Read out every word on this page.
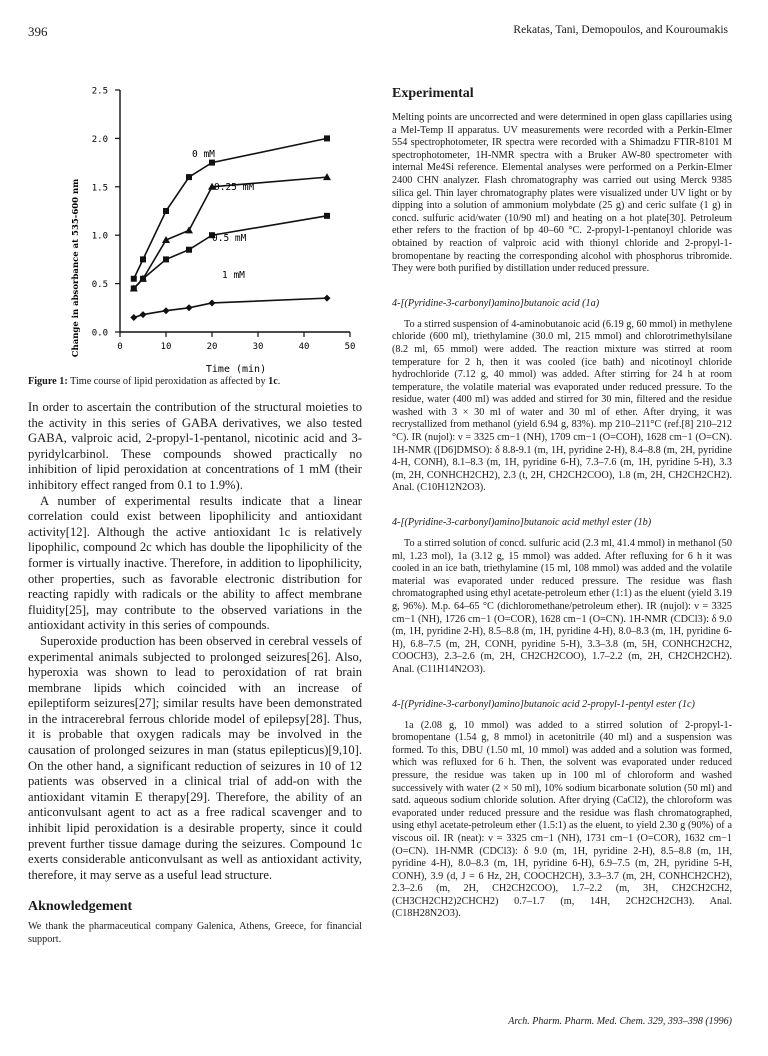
396	Rekatas, Tani, Demopoulos, and Kouroumakis
Change in absorbance at 535-600 nm
Time (min)
0.0
0.5
1.0
1.5
2.0
2.5
0	10	20	30	40	50
0 mM
0.25 mM
0.5 mM
1 mM
Figure 1: Time course of lipid peroxidation as affected by 1c.

In order to ascertain the contribution of the structural moieties to the activity in this series of GABA derivatives, we also tested GABA, valproic acid, 2-propyl-1-pentanol, nicotinic acid and 3-pyridylcarbinol. These compounds showed practically no inhibition of lipid peroxidation at concentrations of 1 mM (their inhibitory effect ranged from 0.1 to 1.9%).

A number of experimental results indicate that a linear correlation could exist between lipophilicity and antioxidant activity[12]. Although the active antioxidant 1c is relatively lipophilic, compound 2c which has double the lipophilicity of the former is virtually inactive. Therefore, in addition to lipophilicity, other properties, such as favorable electronic distribution for reacting rapidly with radicals or the ability to affect membrane fluidity[25], may contribute to the observed variations in the antioxidant activity in this series of compounds.

Superoxide production has been observed in cerebral vessels of experimental animals subjected to prolonged seizures[26]. Also, hyperoxia was shown to lead to peroxidation of rat brain membrane lipids which coincided with an increase of epileptiform seizures[27]; similar results have been demonstrated in the intracerebral ferrous chloride model of epilepsy[28]. Thus, it is probable that oxygen radicals may be involved in the causation of prolonged seizures in man (status epilepticus)[9,10]. On the other hand, a significant reduction of seizures in 10 of 12 patients was observed in a clinical trial of add-on with the antioxidant vitamin E therapy[29]. Therefore, the ability of an anticonvulsant agent to act as a free radical scavenger and to inhibit lipid peroxidation is a desirable property, since it could prevent further tissue damage during the seizures. Compound 1c exerts considerable anticonvulsant as well as antioxidant activity, therefore, it may serve as a useful lead structure.

Aknowledgement

We thank the pharmaceutical company Galenica, Athens, Greece, for financial support.

Experimental

Melting points are uncorrected and were determined in open glass capillaries using a Mel-Temp II apparatus. UV measurements were recorded with a Perkin-Elmer 554 spectrophotometer, IR spectra were recorded with a Shimadzu FTIR-8101 M spectrophotometer, 1H-NMR spectra with a Bruker AW-80 spectrometer with internal Me4Si reference. Elemental analyses were performed on a Perkin-Elmer 2400 CHN analyzer. Flash chromatography was carried out using Merck 9385 silica gel. Thin layer chromatography plates were visualized under UV light or by dipping into a solution of ammonium molybdate (25 g) and ceric sulfate (1 g) in concd. sulfuric acid/water (10/90 ml) and heating on a hot plate[30]. Petroleum ether refers to the fraction of bp 40–60 °C. 2-propyl-1-pentanoyl chloride was obtained by reaction of valproic acid with thionyl chloride and 2-propyl-1-bromopentane by reacting the corresponding alcohol with phosphorus tribromide. They were both purified by distillation under reduced pressure.

4-[(Pyridine-3-carbonyl)amino]butanoic acid (1a)

To a stirred suspension of 4-aminobutanoic acid (6.19 g, 60 mmol) in methylene chloride (600 ml), triethylamine (30.0 ml, 215 mmol) and chlorotrimethylsilane (8.2 ml, 65 mmol) were added. The reaction mixture was stirred at room temperature for 2 h, then it was cooled (ice bath) and nicotinoyl chloride hydrochloride (7.12 g, 40 mmol) was added. After stirring for 24 h at room temperature, the volatile material was evaporated under reduced pressure. To the residue, water (400 ml) was added and stirred for 30 min, filtered and the residue washed with 3 × 30 ml of water and 30 ml of ether. After drying, it was recrystallized from methanol (yield 6.94 g, 83%). mp 210–211°C (ref.[8] 210–212 °C). IR (nujol): ν = 3325 cm−1 (NH), 1709 cm−1 (O=COH), 1628 cm−1 (O=CN). 1H-NMR ([D6]DMSO): δ 8.8-9.1 (m, 1H, pyridine 2-H), 8.4–8.8 (m, 2H, pyridine 4-H, CONH), 8.1–8.3 (m, 1H, pyridine 6-H), 7.3–7.6 (m, 1H, pyridine 5-H), 3.3 (m, 2H, CONHCH2CH2), 2.3 (t, 2H, CH2CH2COO), 1.8 (m, 2H, CH2CH2CH2). Anal. (C10H12N2O3).

4-[(Pyridine-3-carbonyl)amino]butanoic acid methyl ester (1b)

To a stirred solution of concd. sulfuric acid (2.3 ml, 41.4 mmol) in methanol (50 ml, 1.23 mol), 1a (3.12 g, 15 mmol) was added. After refluxing for 6 h it was cooled in an ice bath, triethylamine (15 ml, 108 mmol) was added and the volatile material was evaporated under reduced pressure. The residue was flash chromatographed using ethyl acetate-petroleum ether (1:1) as the eluent (yield 3.19 g, 96%). M.p. 64–65 °C (dichloromethane/petroleum ether). IR (nujol): ν = 3325 cm−1 (NH), 1726 cm−1 (O=COR), 1628 cm−1 (O=CN). 1H-NMR (CDCl3): δ 9.0 (m, 1H, pyridine 2-H), 8.5–8.8 (m, 1H, pyridine 4-H), 8.0–8.3 (m, 1H, pyridine 6-H), 6.8–7.5 (m, 2H, CONH, pyridine 5-H), 3.3–3.8 (m, 5H, CONHCH2CH2, COOCH3), 2.3–2.6 (m, 2H, CH2CH2COO), 1.7–2.2 (m, 2H, CH2CH2CH2). Anal. (C11H14N2O3).

4-[(Pyridine-3-carbonyl)amino]butanoic acid 2-propyl-1-pentyl ester (1c)

1a (2.08 g, 10 mmol) was added to a stirred solution of 2-propyl-1-bromopentane (1.54 g, 8 mmol) in acetonitrile (40 ml) and a suspension was formed. To this, DBU (1.50 ml, 10 mmol) was added and a solution was formed, which was refluxed for 6 h. Then, the solvent was evaporated under reduced pressure, the residue was taken up in 100 ml of chloroform and washed successively with water (2 × 50 ml), 10% sodium bicarbonate solution (50 ml) and satd. aqueous sodium chloride solution. After drying (CaCl2), the chloroform was evaporated under reduced pressure and the residue was flash chromatographed, using ethyl acetate-petroleum ether (1.5:1) as the eluent, to yield 2.30 g (90%) of a viscous oil. IR (neat): ν = 3325 cm−1 (NH), 1731 cm−1 (O=COR), 1632 cm−1 (O=CN). 1H-NMR (CDCl3): δ 9.0 (m, 1H, pyridine 2-H), 8.5–8.8 (m, 1H, pyridine 4-H), 8.0–8.3 (m, 1H, pyridine 6-H), 6.9–7.5 (m, 2H, pyridine 5-H, CONH), 3.9 (d, J = 6 Hz, 2H, COOCH2CH), 3.3–3.7 (m, 2H, CONHCH2CH2), 2.3–2.6 (m, 2H, CH2CH2COO), 1.7–2.2 (m, 3H, CH2CH2CH2, (CH3CH2CH2)2CHCH2) 0.7–1.7 (m, 14H, 2CH2CH2CH3). Anal. (C18H28N2O3).

Arch. Pharm. Pharm. Med. Chem. 329, 393–398 (1996)
